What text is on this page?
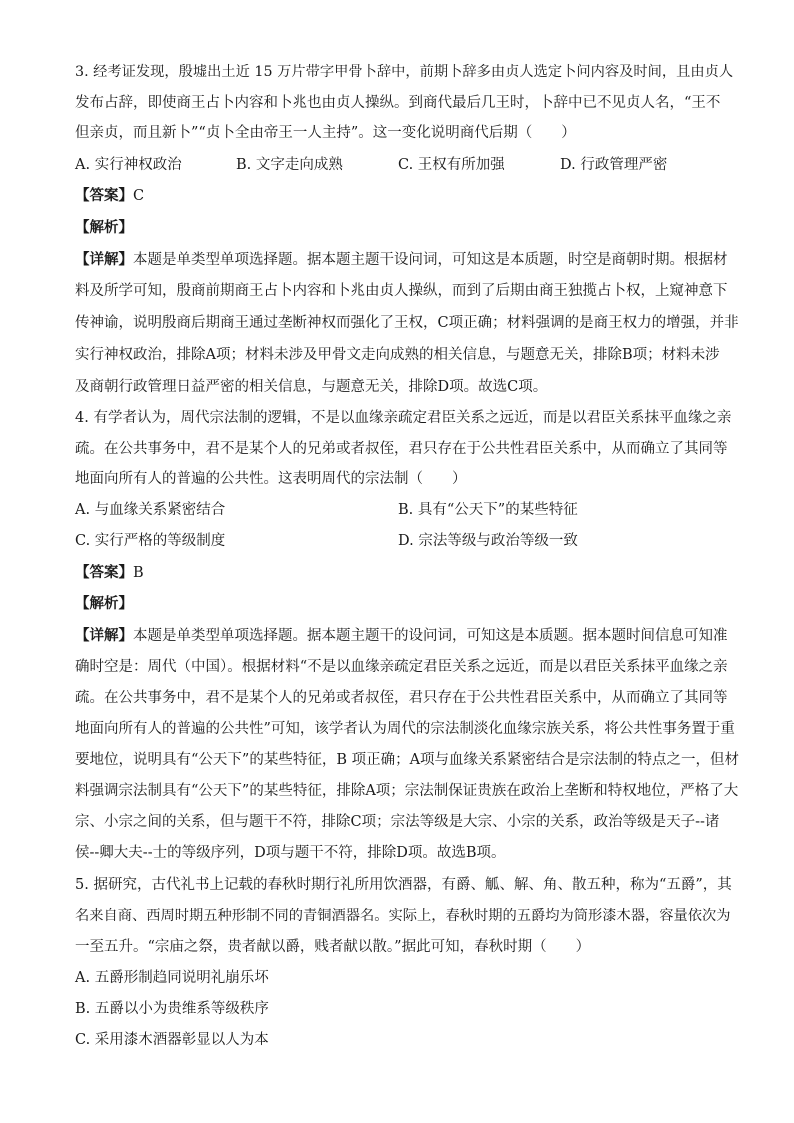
3. 经考证发现，殷墟出土近 15 万片带字甲骨卜辞中，前期卜辞多由贞人选定卜问内容及时间，且由贞人
发布占辞，即使商王占卜内容和卜兆也由贞人操纵。到商代最后几王时，卜辞中已不见贞人名，“王不
但亲贞，而且新卜”“贞卜全由帝王一人主持”。这一变化说明商代后期（　　）
A. 实行神权政治	B. 文字走向成熟	C. 王权有所加强	D. 行政管理严密
【答案】C
【解析】
【详解】本题是单类型单项选择题。据本题主题干设问词，可知这是本质题，时空是商朝时期。根据材
料及所学可知，殷商前期商王占卜内容和卜兆由贞人操纵，而到了后期由商王独揽占卜权，上窥神意下
传神谕，说明殷商后期商王通过垄断神权而强化了王权，C项正确；材料强调的是商王权力的增强，并非
实行神权政治，排除A项；材料未涉及甲骨文走向成熟的相关信息，与题意无关，排除B项；材料未涉
及商朝行政管理日益严密的相关信息，与题意无关，排除D项。故选C项。
4. 有学者认为，周代宗法制的逻辑，不是以血缘亲疏定君臣关系之远近，而是以君臣关系抹平血缘之亲
疏。在公共事务中，君不是某个人的兄弟或者叔侄，君只存在于公共性君臣关系中，从而确立了其同等
地面向所有人的普遍的公共性。这表明周代的宗法制（　　）
A. 与血缘关系紧密结合	B. 具有“公天下”的某些特征
C. 实行严格的等级制度	D. 宗法等级与政治等级一致
【答案】B
【解析】
【详解】本题是单类型单项选择题。据本题主题干的设问词，可知这是本质题。据本题时间信息可知准
确时空是：周代（中国）。根据材料“不是以血缘亲疏定君臣关系之远近，而是以君臣关系抹平血缘之亲
疏。在公共事务中，君不是某个人的兄弟或者叔侄，君只存在于公共性君臣关系中，从而确立了其同等
地面向所有人的普遍的公共性”可知，该学者认为周代的宗法制淡化血缘宗族关系，将公共性事务置于重
要地位，说明具有“公天下”的某些特征，B 项正确；A项与血缘关系紧密结合是宗法制的特点之一，但材
料强调宗法制具有“公天下”的某些特征，排除A项；宗法制保证贵族在政治上垄断和特权地位，严格了大
宗、小宗之间的关系，但与题干不符，排除C项；宗法等级是大宗、小宗的关系，政治等级是天子--诸
侯--卿大夫--士的等级序列，D项与题干不符，排除D项。故选B项。
5. 据研究，古代礼书上记载的春秋时期行礼所用饮酒器，有爵、觚、解、角、散五种，称为“五爵”，其
名来自商、西周时期五种形制不同的青铜酒器名。实际上，春秋时期的五爵均为筒形漆木器，容量依次为
一至五升。“宗庙之祭，贵者献以爵，贱者献以散。”据此可知，春秋时期（　　）
A. 五爵形制趋同说明礼崩乐坏
B. 五爵以小为贵维系等级秩序
C. 采用漆木酒器彰显以人为本
